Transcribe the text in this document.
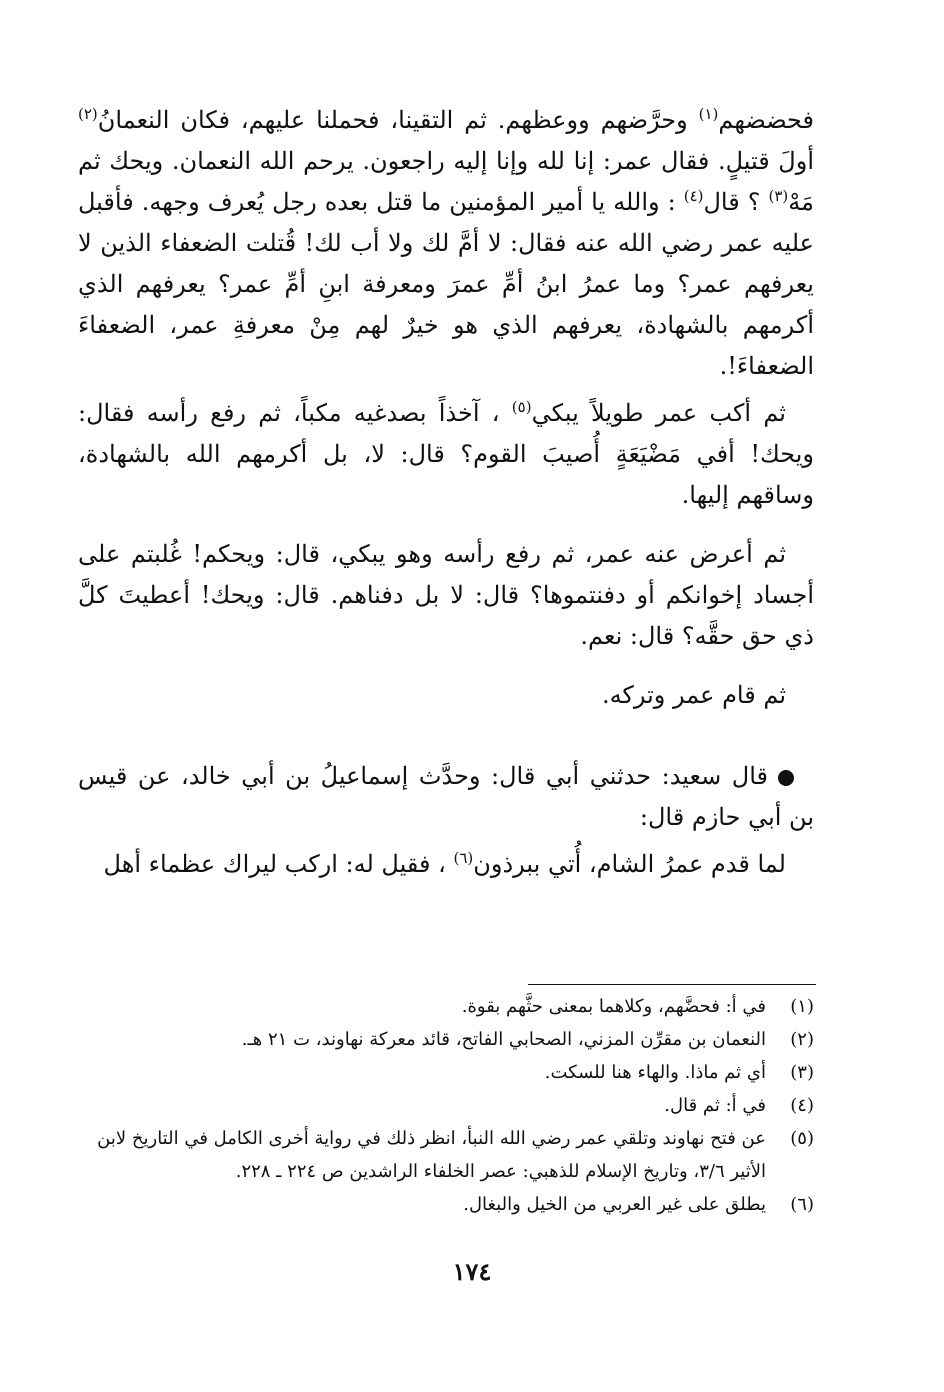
فحضضهم$^{(١)}$ وحرَّضهم ووعظهم. ثم التقينا، فحملنا عليهم، فكان النعمانُ$^{(٢)}$ أولَ قتيلٍ. فقال عمر: إنا لله وإنا إليه راجعون. يرحم الله النعمان. ويحك ثم مَهْ$^{(٣)}$ ؟ قال$^{(٤)}$ : والله يا أمير المؤمنين ما قتل بعده رجل يُعرف وجهه. فأقبل عليه عمر رضي الله عنه فقال: لا أمَّ لك ولا أب لك! قُتلت الضعفاء الذين لا يعرفهم عمر؟ وما عمرُ ابنُ أمِّ عمرَ ومعرفة ابنِ أمِّ عمر؟ يعرفهم الذي أكرمهم بالشهادة، يعرفهم الذي هو خيرٌ لهم مِنْ معرفةِ عمر، الضعفاءَ الضعفاءَ!.

ثم أكب عمر طويلاً يبكي$^{(٥)}$ ، آخذاً بصدغيه مكباً، ثم رفع رأسه فقال: ويحك! أفي مَضْيَعَةٍ أُصيبَ القوم؟ قال: لا، بل أكرمهم الله بالشهادة، وساقهم إليها.

ثم أعرض عنه عمر، ثم رفع رأسه وهو يبكي، قال: ويحكم! غُلبتم على أجساد إخوانكم أو دفنتموها؟ قال: لا بل دفناهم. قال: ويحك! أعطيتَ كلَّ ذي حق حقَّه؟ قال: نعم.

ثم قام عمر وتركه.

قال سعيد: حدثني أبي قال: وحدَّث إسماعيلُ بن أبي خالد، عن قيس بن أبي حازم قال:

لما قدم عمرُ الشام، أُتي ببرذون$^{(٦)}$ ، فقيل له: اركب ليراك عظماء أهل

(١)
في أ: فحضَّهم، وكلاهما بمعنى حثَّهم بقوة.
(٢)
النعمان بن مقرِّن المزني، الصحابي الفاتح، قائد معركة نهاوند، ت ٢١ هـ.
(٣)
أي ثم ماذا. والهاء هنا للسكت.
(٤)
في أ: ثم قال.
(٥)
عن فتح نهاوند وتلقي عمر رضي الله النبأ، انظر ذلك في رواية أخرى الكامل في التاريخ لابن الأثير ٣/٦، وتاريخ الإسلام للذهبي: عصر الخلفاء الراشدين ص ٢٢٤ ـ ٢٢٨.
(٦)
يطلق على غير العربي من الخيل والبغال.
١٧٤
